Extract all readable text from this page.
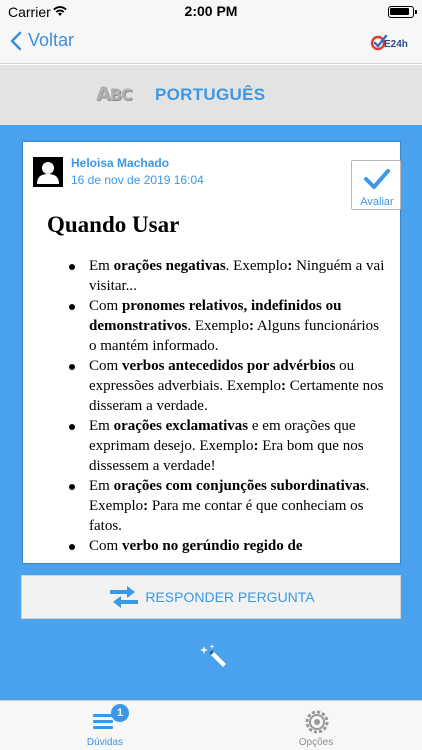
Carrier	2:00 PM
Voltar	E24h
ABC PORTUGUÊS
Heloisa Machado
16 de nov de 2019 16:04
Avaliar
Quando Usar
Em orações negativas. Exemplo: Ninguém a vai visitar...
Com pronomes relativos, indefinidos ou demonstrativos. Exemplo: Alguns funcionários o mantém informado.
Com verbos antecedidos por advérbios ou expressões adverbiais. Exemplo: Certamente nos disseram a verdade.
Em orações exclamativas e em orações que exprimam desejo. Exemplo: Era bom que nos dissessem a verdade!
Em orações com conjunções subordinativas. Exemplo: Para me contar é que conheciam os fatos.
Com verbo no gerúndio regido de
RESPONDER PERGUNTA
1
Dúvidas	Opções
